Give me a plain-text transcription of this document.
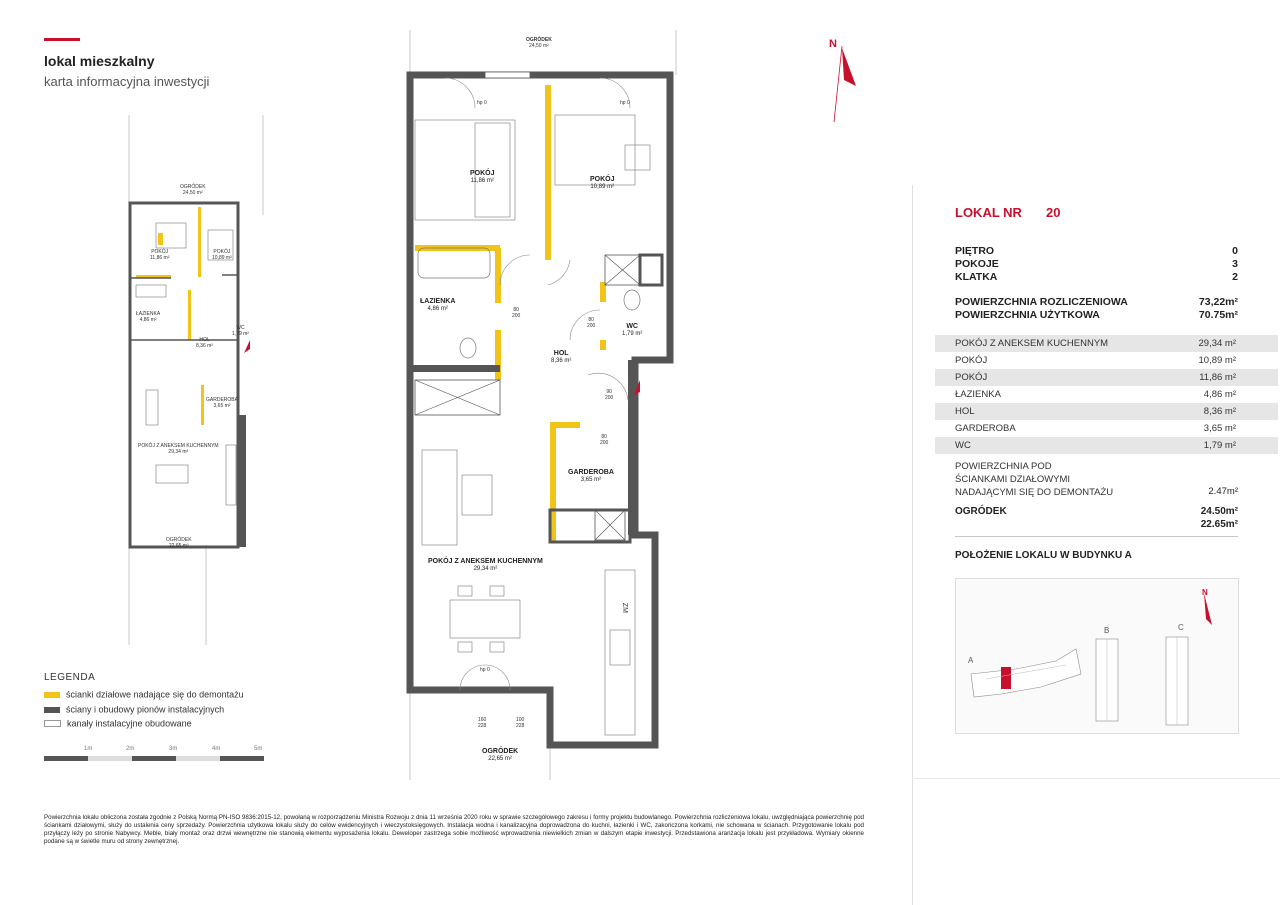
lokal mieszkalny
karta informacyjna inwestycji
OGRÓDEK
24,50 m²
POKÓJ
11,86 m²
POKÓJ
10,89 m²
ŁAZIENKA
4,86 m²
WC
1,79 m²
HOL
8,36 m²
GARDEROBA
3,65 m²
POKÓJ Z ANEKSEM KUCHENNYM
29,34 m²
OGRÓDEK
22,65 m²
OGRÓDEK
24,50 m²
POKÓJ
11,86 m²	POKÓJ
10,89 m²
ŁAZIENKA
4,86 m²
WC
1,79 m²
HOL
8,36 m²
GARDEROBA
3,65 m²
POKÓJ Z ANEKSEM KUCHENNYM
29,34 m²
OGRÓDEK
22,65 m²
80
200
80
200
80
200
90
200
100
228
160
228
hp 0	hp 0
hp 0
ZM
N
LEGENDA
ścianki działowe nadające się do demontażu
ściany i obudowy pionów instalacyjnych
kanały instalacyjne obudowane
1m	2m	3m	4m	5m
Powierzchnia lokalu obliczona została zgodnie z Polską Normą PN-ISO 9836:2015-12, powołaną w rozporządzeniu Ministra Rozwoju z dnia 11 września 2020 roku w sprawie szczegółowego zakresu i formy projektu budowlanego. Powierzchnia rozliczeniowa lokalu, uwzględniająca powierzchnię pod ściankami działowymi, służy do ustalenia ceny sprzedaży. Powierzchnia użytkowa lokalu służy do celów ewidencyjnych i wieczystoksięgowych. Instalacja wodna i kanalizacyjna doprowadzona do kuchni, łazienki i WC, zakończona korkami, nie schowana w ścianach. Przygotowanie lokalu pod przyłączy leży po stronie Nabywcy. Meble, biały montaż oraz drzwi wewnętrzne nie stanowią elementu wyposażenia lokalu. Deweloper zastrzega sobie możliwość wprowadzenia niewielkich zmian w dalszym etapie inwestycji. Przedstawiona aranżacja lokalu jest przykładowa. Wymiary okienne podane są w świetle muru od strony zewnętrznej.
LOKAL NR 20
PIĘTRO	0
POKOJE	3
KLATKA	2
POWIERZCHNIA ROZLICZENIOWA	73,22m²
POWIERZCHNIA UŻYTKOWA	70.75m²
POKÓJ Z ANEKSEM KUCHENNYM	29,34 m²
POKÓJ	10,89 m²
POKÓJ	11,86 m²
ŁAZIENKA	4,86 m²
HOL	8,36 m²
GARDEROBA	3,65 m²
WC	1,79 m²
POWIERZCHNIA POD
ŚCIANKAMI DZIAŁOWYMI
NADAJĄCYMI SIĘ DO DEMONTAŻU	2.47m²
OGRÓDEK	24.50m²
22.65m²
POŁOŻENIE LOKALU W BUDYNKU A
A
B	C
N
